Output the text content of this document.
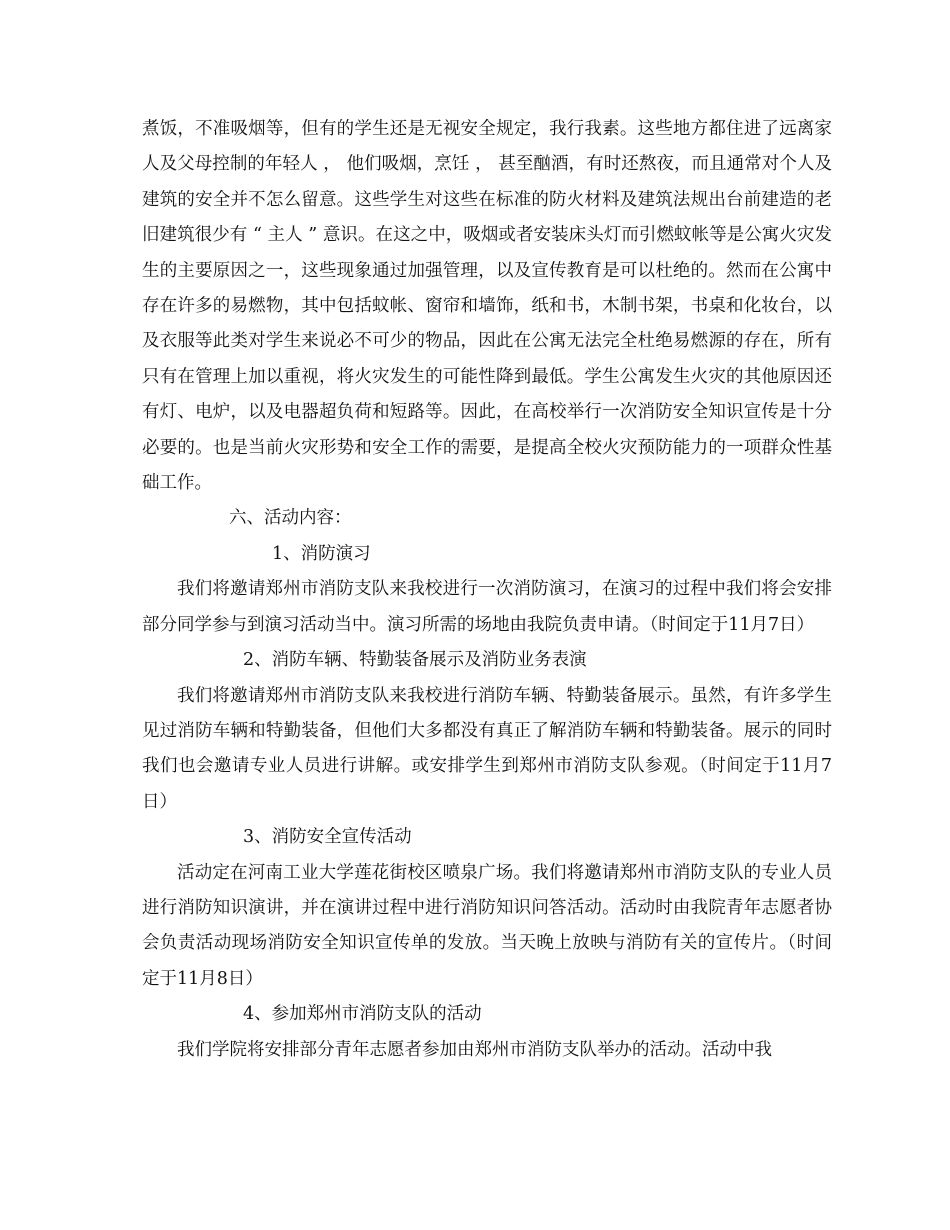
煮饭，不准吸烟等，但有的学生还是无视安全规定，我行我素。这些地方都住进了远离家人及父母控制的年轻人 ， 他们吸烟，烹饪 ， 甚至酗酒，有时还熬夜，而且通常对个人及建筑的安全并不怎么留意。这些学生对这些在标准的防火材料及建筑法规出台前建造的老旧建筑很少有 “ 主人 ” 意识。在这之中，吸烟或者安装床头灯而引燃蚊帐等是公寓火灾发生的主要原因之一，这些现象通过加强管理，以及宣传教育是可以杜绝的。然而在公寓中存在许多的易燃物，其中包括蚊帐、窗帘和墙饰，纸和书，木制书架，书桌和化妆台，以及衣服等此类对学生来说必不可少的物品，因此在公寓无法完全杜绝易燃源的存在，所有只有在管理上加以重视，将火灾发生的可能性降到最低。学生公寓发生火灾的其他原因还有灯、电炉，以及电器超负荷和短路等。因此，在高校举行一次消防安全知识宣传是十分必要的。也是当前火灾形势和安全工作的需要，是提高全校火灾预防能力的一项群众性基础工作。

六、活动内容：

1、消防演习

我们将邀请郑州市消防支队来我校进行一次消防演习，在演习的过程中我们将会安排部分同学参与到演习活动当中。演习所需的场地由我院负责申请。（时间定于11月7日）

2、消防车辆、特勤装备展示及消防业务表演

我们将邀请郑州市消防支队来我校进行消防车辆、特勤装备展示。虽然，有许多学生见过消防车辆和特勤装备，但他们大多都没有真正了解消防车辆和特勤装备。展示的同时我们也会邀请专业人员进行讲解。或安排学生到郑州市消防支队参观。（时间定于11月7日）

3、消防安全宣传活动

活动定在河南工业大学莲花街校区喷泉广场。我们将邀请郑州市消防支队的专业人员进行消防知识演讲，并在演讲过程中进行消防知识问答活动。活动时由我院青年志愿者协会负责活动现场消防安全知识宣传单的发放。当天晚上放映与消防有关的宣传片。（时间定于11月8日）

4、参加郑州市消防支队的活动

我们学院将安排部分青年志愿者参加由郑州市消防支队举办的活动。活动中我
